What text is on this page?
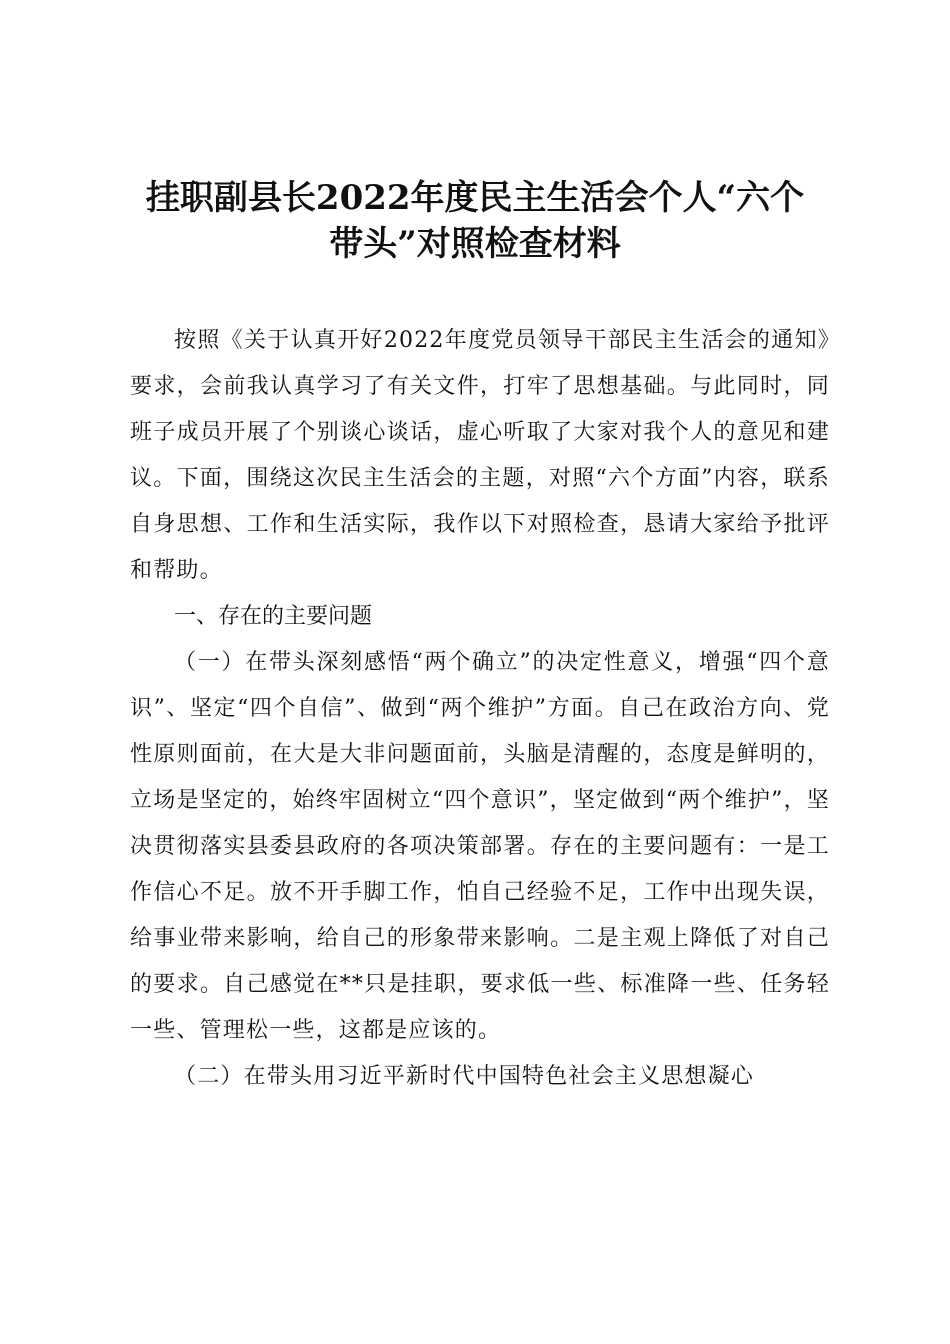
挂职副县长2022年度民主生活会个人“六个
带头”对照检查材料

按照《关于认真开好2022年度党员领导干部民主生活会的通知》要求，会前我认真学习了有关文件，打牢了思想基础。与此同时，同班子成员开展了个别谈心谈话，虚心听取了大家对我个人的意见和建议。下面，围绕这次民主生活会的主题，对照“六个方面”内容，联系自身思想、工作和生活实际，我作以下对照检查，恳请大家给予批评和帮助。

一、存在的主要问题

（一）在带头深刻感悟“两个确立”的决定性意义，增强“四个意识”、坚定“四个自信”、做到“两个维护”方面。自己在政治方向、党性原则面前，在大是大非问题面前，头脑是清醒的，态度是鲜明的，立场是坚定的，始终牢固树立“四个意识”，坚定做到“两个维护”，坚决贯彻落实县委县政府的各项决策部署。存在的主要问题有：一是工作信心不足。放不开手脚工作，怕自己经验不足，工作中出现失误，给事业带来影响，给自己的形象带来影响。二是主观上降低了对自己的要求。自己感觉在**只是挂职，要求低一些、标准降一些、任务轻一些、管理松一些，这都是应该的。

（二）在带头用习近平新时代中国特色社会主义思想凝心
